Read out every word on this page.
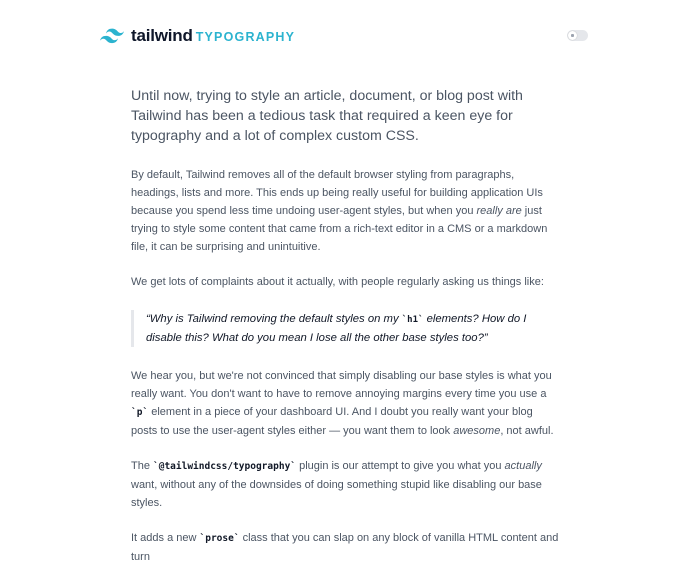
tailwind TYPOGRAPHY

Until now, trying to style an article, document, or blog post with Tailwind has been a tedious task that required a keen eye for typography and a lot of complex custom CSS.

By default, Tailwind removes all of the default browser styling from paragraphs, headings, lists and more. This ends up being really useful for building application UIs because you spend less time undoing user-agent styles, but when you really are just trying to style some content that came from a rich-text editor in a CMS or a markdown file, it can be surprising and unintuitive.

We get lots of complaints about it actually, with people regularly asking us things like:

“Why is Tailwind removing the default styles on my `h1` elements? How do I disable this? What do you mean I lose all the other base styles too?”

We hear you, but we're not convinced that simply disabling our base styles is what you really want. You don't want to have to remove annoying margins every time you use a `p` element in a piece of your dashboard UI. And I doubt you really want your blog posts to use the user-agent styles either — you want them to look awesome, not awful.

The `@tailwindcss/typography` plugin is our attempt to give you what you actually want, without any of the downsides of doing something stupid like disabling our base styles.

It adds a new `prose` class that you can slap on any block of vanilla HTML content and turn
